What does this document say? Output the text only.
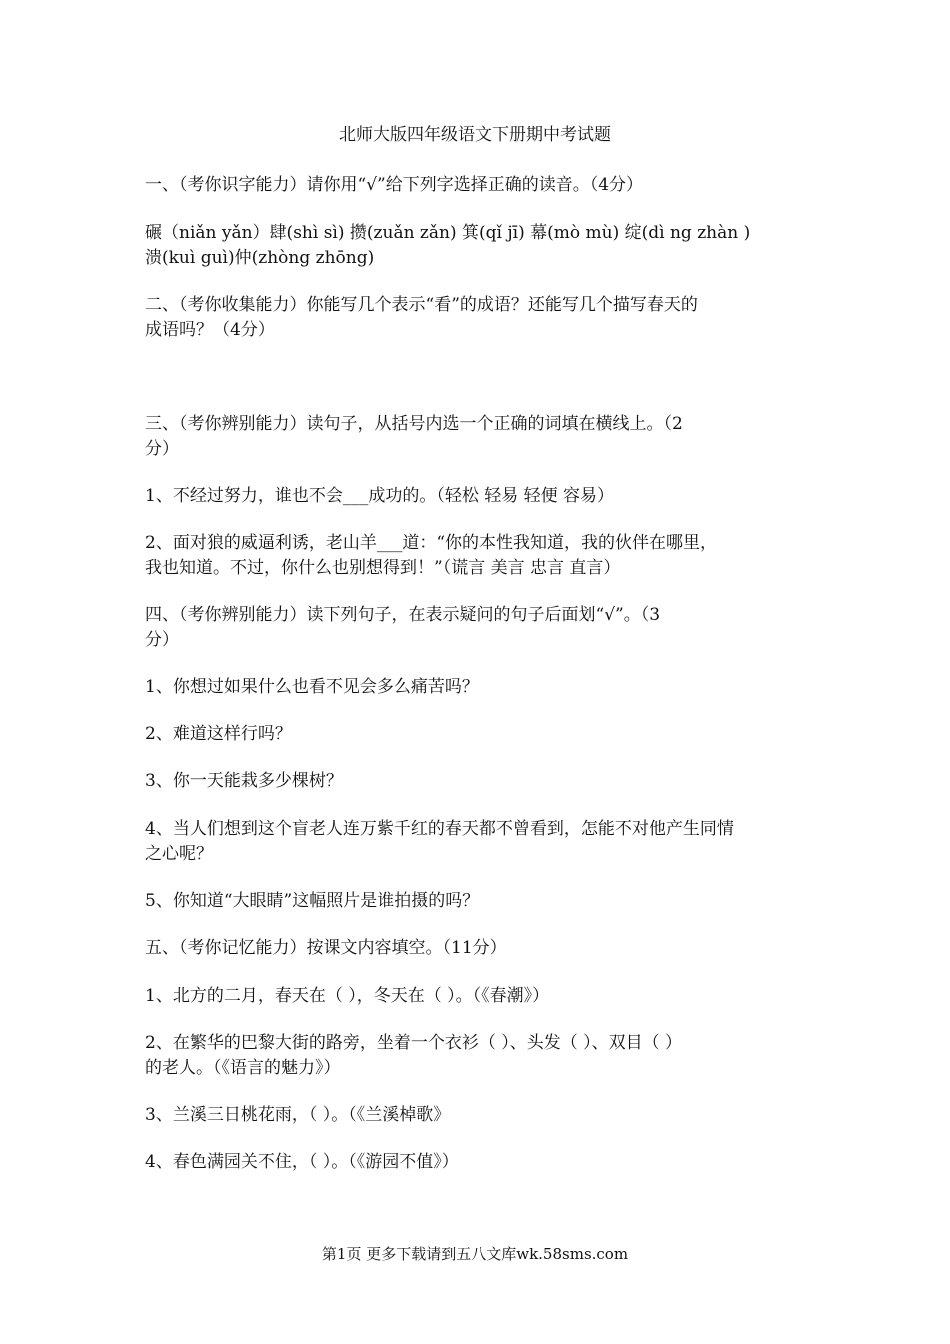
北师大版四年级语文下册期中考试题
一、（考你识字能力）请你用“√”给下列字选择正确的读音。（4分）
碾（niǎn yǎn）肆(shì sì) 攒(zuǎn zǎn) 箕(qǐ jī) 幕(mò mù) 绽(dì ng zhàn )
溃(kuì guì)仲(zhòng zhōng)
二、（考你收集能力）你能写几个表示“看”的成语？还能写几个描写春天的
成语吗？（4分）
三、（考你辨别能力）读句子，从括号内选一个正确的词填在横线上。（2
分）
1、不经过努力，谁也不会___成功的。（轻松 轻易 轻便 容易）
2、面对狼的威逼利诱，老山羊___道：“你的本性我知道，我的伙伴在哪里，
我也知道。不过，你什么也别想得到！”（谎言 美言 忠言 直言）
四、（考你辨别能力）读下列句子，在表示疑问的句子后面划“√”。（3
分）
1、你想过如果什么也看不见会多么痛苦吗？
2、难道这样行吗？
3、你一天能栽多少棵树？
4、当人们想到这个盲老人连万紫千红的春天都不曾看到，怎能不对他产生同情
之心呢？
5、你知道“大眼睛”这幅照片是谁拍摄的吗？
五、（考你记忆能力）按课文内容填空。（11分）
1、北方的二月，春天在（ ），冬天在（ ）。（《春潮》）
2、在繁华的巴黎大街的路旁，坐着一个衣衫（ ）、头发（ ）、双目（ ）
的老人。（《语言的魅力》）
3、兰溪三日桃花雨，（ ）。（《兰溪棹歌》
4、春色满园关不住，（ ）。（《游园不值》）
第1页 更多下载请到五八文库wk.58sms.com
